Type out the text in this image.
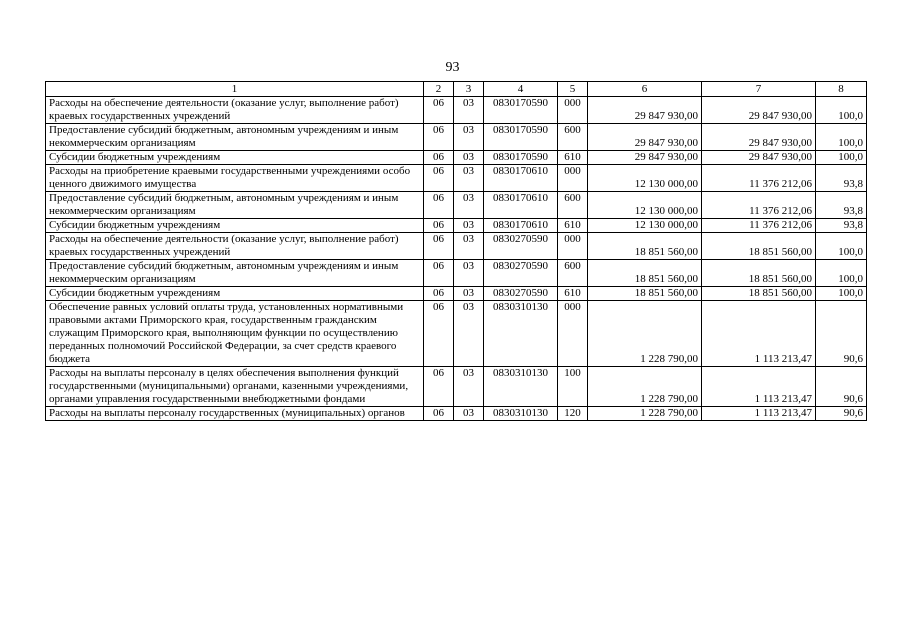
93
1	2	3	4	5	6	7	8
Расходы на обеспечение деятельности (оказание услуг, выполнение работ) краевых государственных учреждений	06	03	0830170590	000	29 847 930,00	29 847 930,00	100,0
Предоставление субсидий бюджетным, автономным учреждениям и иным некоммерческим организациям	06	03	0830170590	600	29 847 930,00	29 847 930,00	100,0
Субсидии бюджетным учреждениям	06	03	0830170590	610	29 847 930,00	29 847 930,00	100,0
Расходы на приобретение краевыми государственными учреждениями особо ценного движимого имущества	06	03	0830170610	000	12 130 000,00	11 376 212,06	93,8
Предоставление субсидий бюджетным, автономным учреждениям и иным некоммерческим организациям	06	03	0830170610	600	12 130 000,00	11 376 212,06	93,8
Субсидии бюджетным учреждениям	06	03	0830170610	610	12 130 000,00	11 376 212,06	93,8
Расходы на обеспечение деятельности (оказание услуг, выполнение работ) краевых государственных учреждений	06	03	0830270590	000	18 851 560,00	18 851 560,00	100,0
Предоставление субсидий бюджетным, автономным учреждениям и иным некоммерческим организациям	06	03	0830270590	600	18 851 560,00	18 851 560,00	100,0
Субсидии бюджетным учреждениям	06	03	0830270590	610	18 851 560,00	18 851 560,00	100,0
Обеспечение равных условий оплаты труда, установленных нормативными правовыми актами Приморского края, государственным гражданским служащим Приморского края, выполняющим функции по осуществлению переданных полномочий Российской Федерации, за счет средств краевого бюджета	06	03	0830310130	000	1 228 790,00	1 113 213,47	90,6
Расходы на выплаты персоналу в целях обеспечения выполнения функций государственными (муниципальными) органами, казенными учреждениями, органами управления государственными внебюджетными фондами	06	03	0830310130	100	1 228 790,00	1 113 213,47	90,6
Расходы на выплаты персоналу государственных (муниципальных) органов	06	03	0830310130	120	1 228 790,00	1 113 213,47	90,6
